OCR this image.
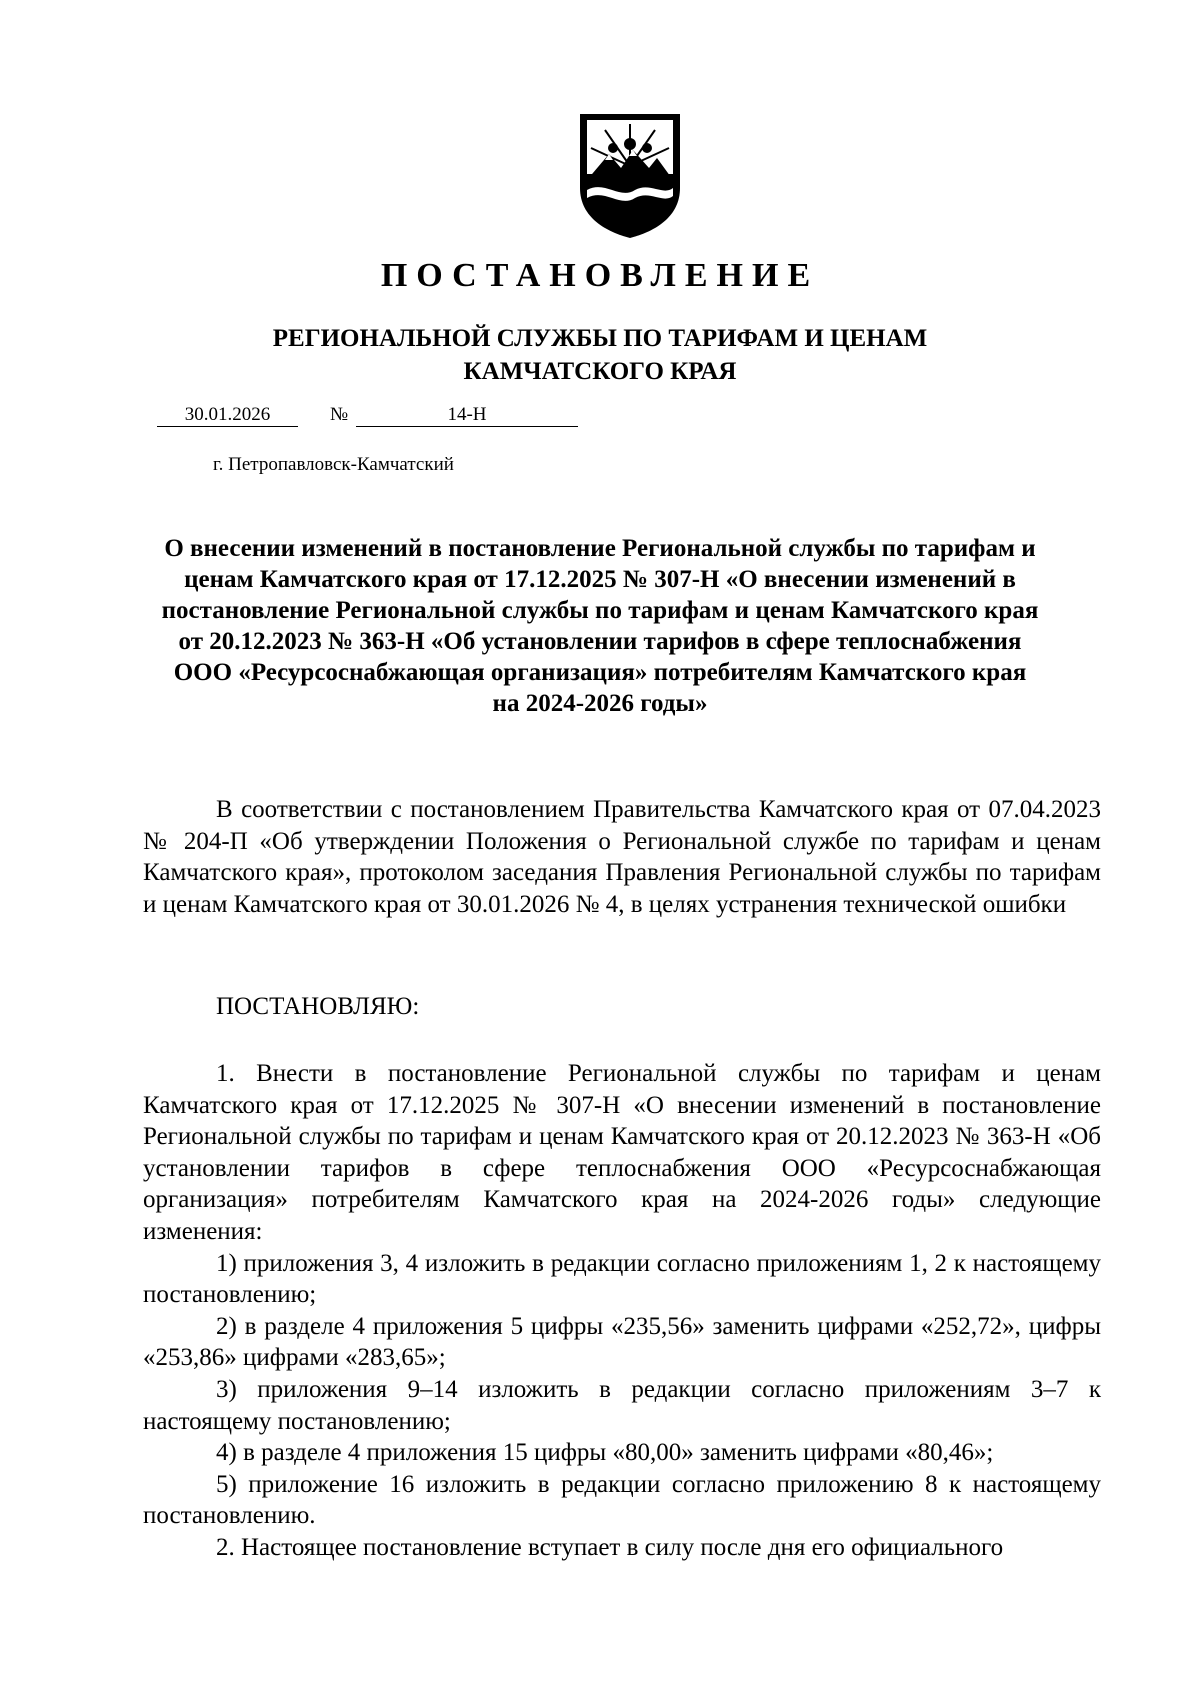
ПОСТАНОВЛЕНИЕ
РЕГИОНАЛЬНОЙ СЛУЖБЫ ПО ТАРИФАМ И ЦЕНАМ
КАМЧАТСКОГО КРАЯ
30.01.2026	№	14-Н
г. Петропавловск-Камчатский
О внесении изменений в постановление Региональной службы по тарифам и ценам Камчатского края от 17.12.2025 № 307-Н «О внесении изменений в постановление Региональной службы по тарифам и ценам Камчатского края от 20.12.2023 № 363-Н «Об установлении тарифов в сфере теплоснабжения ООО «Ресурсоснабжающая организация» потребителям Камчатского края на 2024-2026 годы»

В соответствии с постановлением Правительства Камчатского края от 07.04.2023 № 204-П «Об утверждении Положения о Региональной службе по тарифам и ценам Камчатского края», протоколом заседания Правления Региональной службы по тарифам и ценам Камчатского края от 30.01.2026 № 4, в целях устранения технической ошибки

ПОСТАНОВЛЯЮ:

1. Внести в постановление Региональной службы по тарифам и ценам Камчатского края от 17.12.2025 № 307-Н «О внесении изменений в постановление Региональной службы по тарифам и ценам Камчатского края от 20.12.2023 № 363-Н «Об установлении тарифов в сфере теплоснабжения ООО «Ресурсоснабжающая организация» потребителям Камчатского края на 2024-2026 годы» следующие изменения:

1) приложения 3, 4 изложить в редакции согласно приложениям 1, 2 к настоящему постановлению;

2) в разделе 4 приложения 5 цифры «235,56» заменить цифрами «252,72», цифры «253,86» цифрами «283,65»;

3) приложения 9–14 изложить в редакции согласно приложениям 3–7 к настоящему постановлению;

4) в разделе 4 приложения 15 цифры «80,00» заменить цифрами «80,46»;

5) приложение 16 изложить в редакции согласно приложению 8 к настоящему постановлению.

2. Настоящее постановление вступает в силу после дня его официального
